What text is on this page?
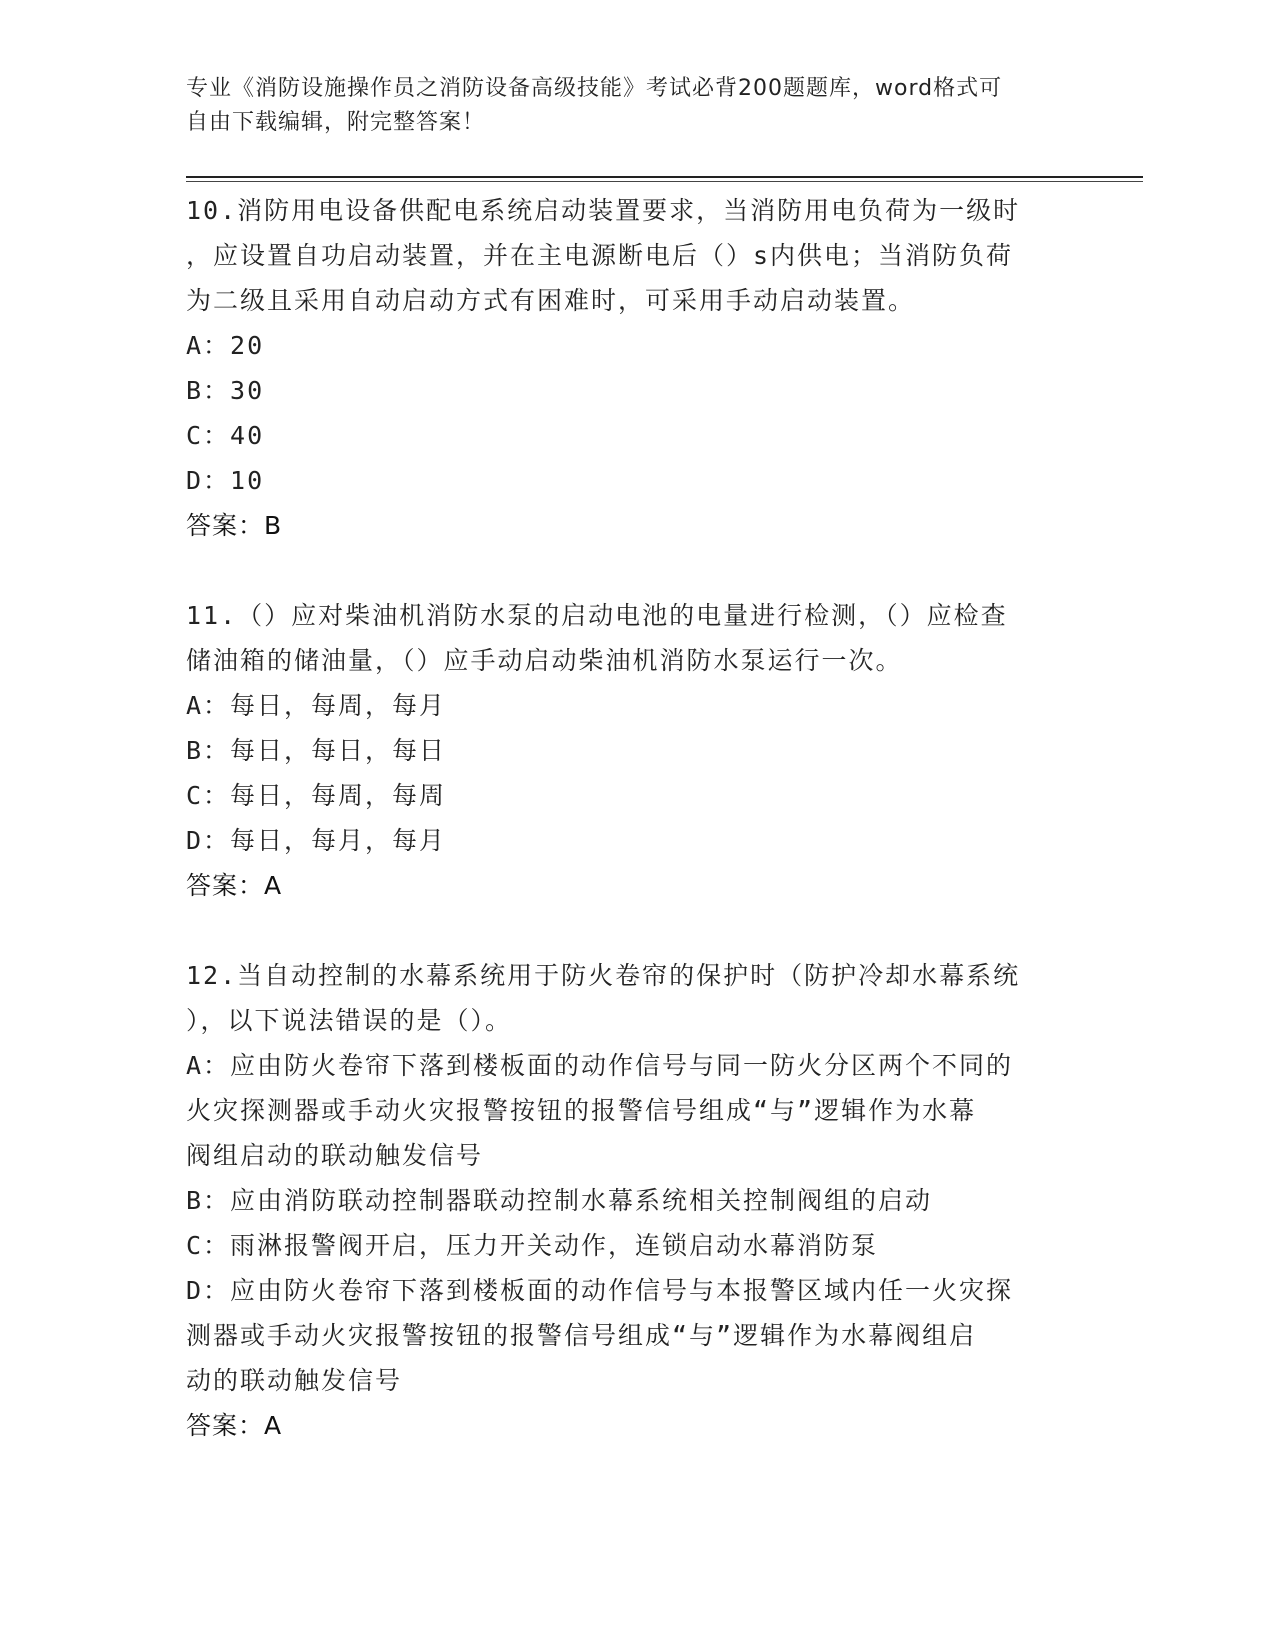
专业《消防设施操作员之消防设备高级技能》考试必背200题题库，word格式可
自由下载编辑，附完整答案！
10.消防用电设备供配电系统启动装置要求，当消防用电负荷为一级时
，应设置自功启动装置，并在主电源断电后（）s内供电；当消防负荷
为二级且采用自动启动方式有困难时，可采用手动启动装置。
A：20
B：30
C：40
D：10
答案：B
11.（）应对柴油机消防水泵的启动电池的电量进行检测，（）应检查
储油箱的储油量，（）应手动启动柴油机消防水泵运行一次。
A：每日，每周，每月
B：每日，每日，每日
C：每日，每周，每周
D：每日，每月，每月
答案：A
12.当自动控制的水幕系统用于防火卷帘的保护时（防护冷却水幕系统
），以下说法错误的是（）。
A：应由防火卷帘下落到楼板面的动作信号与同一防火分区两个不同的
火灾探测器或手动火灾报警按钮的报警信号组成“与”逻辑作为水幕
阀组启动的联动触发信号
B：应由消防联动控制器联动控制水幕系统相关控制阀组的启动
C：雨淋报警阀开启，压力开关动作，连锁启动水幕消防泵
D：应由防火卷帘下落到楼板面的动作信号与本报警区域内任一火灾探
测器或手动火灾报警按钮的报警信号组成“与”逻辑作为水幕阀组启
动的联动触发信号
答案：A
